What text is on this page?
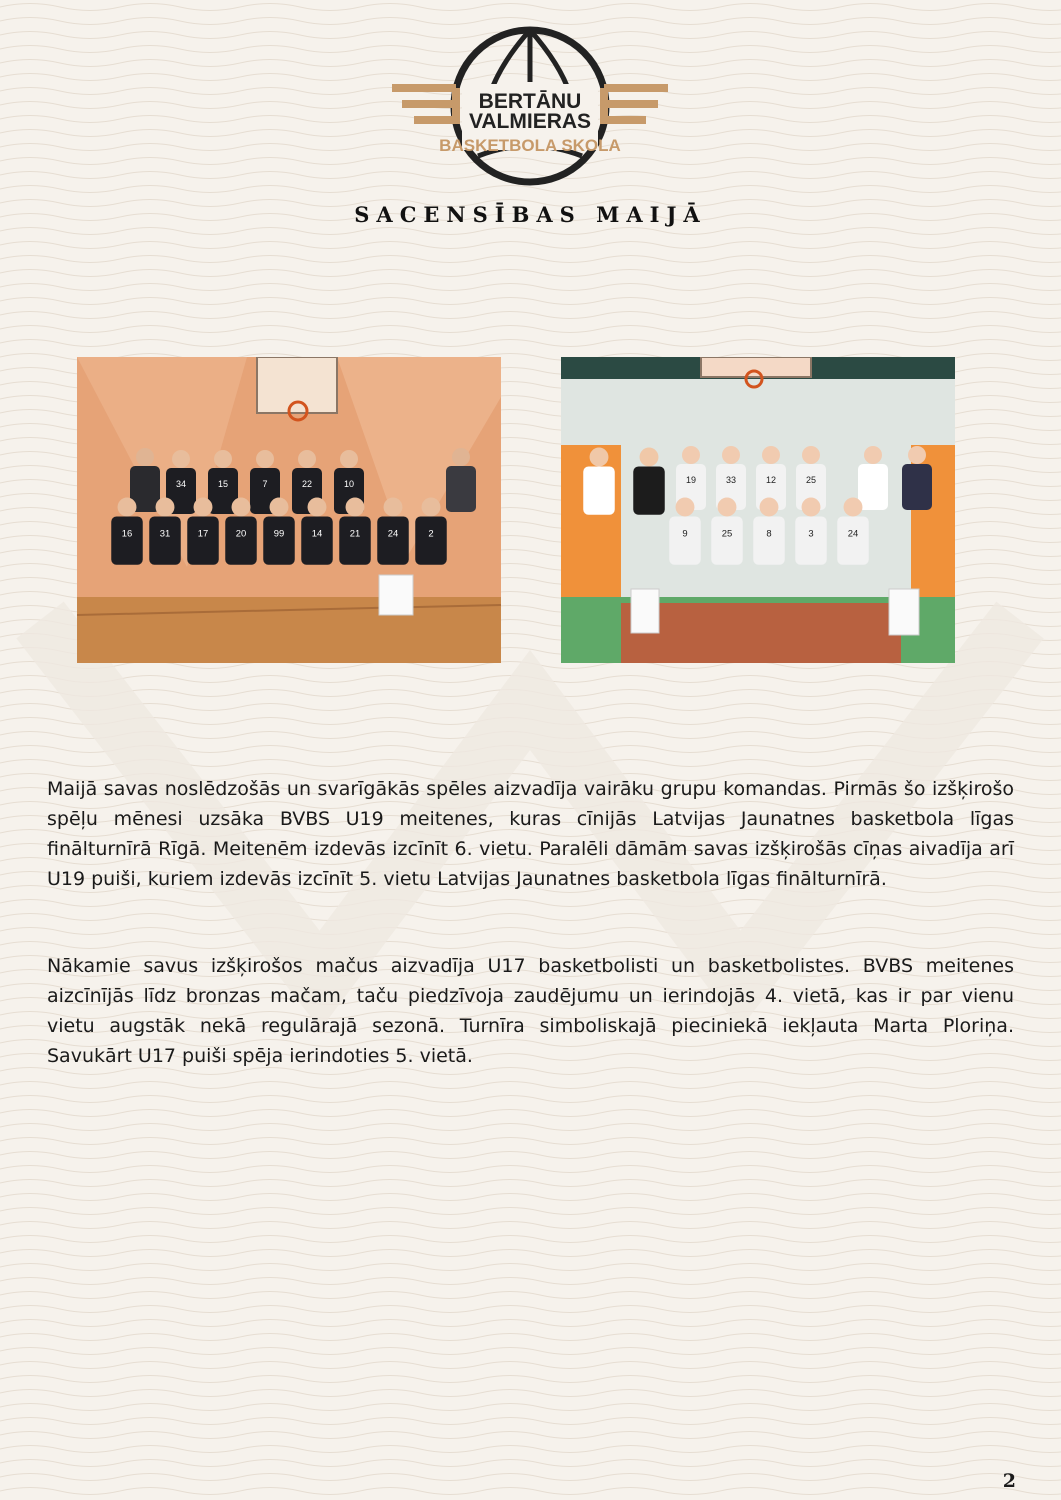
BERTĀNU
VALMIERAS
BASKETBOLA SKOLA
SACENSĪBAS MAIJĀ
34	15	7	22	10
16	31	17	20	99	14	21	24	2
19	33	12	25
9	25	8	3	24

Maijā savas noslēdzošās un svarīgākās spēles aizvadīja vairāku grupu komandas. Pirmās šo izšķirošo spēļu mēnesi uzsāka BVBS U19 meitenes, kuras cīnijās Latvijas Jaunatnes basketbola līgas finālturnīrā Rīgā. Meitenēm izdevās izcīnīt 6. vietu. Paralēli dāmām savas izšķirošās cīņas aivadīja arī U19 puiši, kuriem izdevās izcīnīt 5. vietu Latvijas Jaunatnes basketbola līgas finālturnīrā.

Nākamie savus izšķirošos mačus aizvadīja U17 basketbolisti un basketbolistes. BVBS meitenes aizcīnījās līdz bronzas mačam, taču piedzīvoja zaudējumu un ierindojās 4. vietā, kas ir par vienu vietu augstāk nekā regulārajā sezonā. Turnīra simboliskajā pieciniekā iekļauta Marta Ploriņa. Savukārt U17 puiši spēja ierindoties 5. vietā.

2
